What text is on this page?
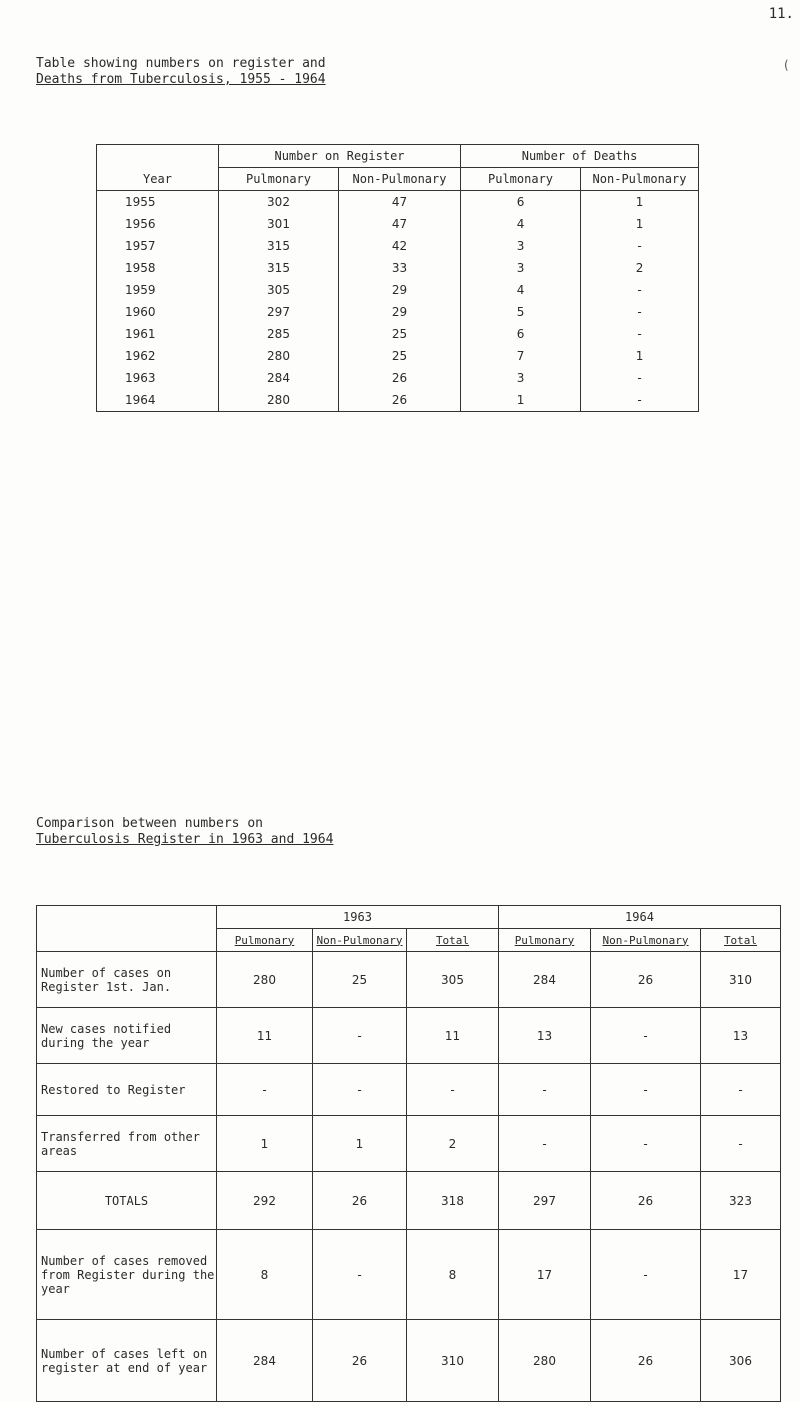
11.
Table showing numbers on register and
Deaths from Tuberculosis, 1955 - 1964
(
Year	Number on Register		Number of Deaths	
	Pulmonary	Non-Pulmonary	Pulmonary	Non-Pulmonary
1955	302	47	6	1
1956	301	47	4	1
1957	315	42	3	-
1958	315	33	3	2
1959	305	29	4	-
1960	297	29	5	-
1961	285	25	6	-
1962	280	25	7	1
1963	284	26	3	-
1964	280	26	1	-
Comparison between numbers on
Tuberculosis Register in 1963 and 1964
	1963			1964		
	Pulmonary	Non-Pulmonary	Total	Pulmonary	Non-Pulmonary	Total
Number of cases on Register 1st. Jan.	280	25	305	284	26	310
New cases notified during the year	11	-	11	13	-	13
Restored to Register	-	-	-	-	-	-
Transferred from other areas	1	1	2	-	-	-
TOTALS	292	26	318	297	26	323
Number of cases removed from Register during the year	8	-	8	17	-	17
Number of cases left on register at end of year	284	26	310	280	26	306
